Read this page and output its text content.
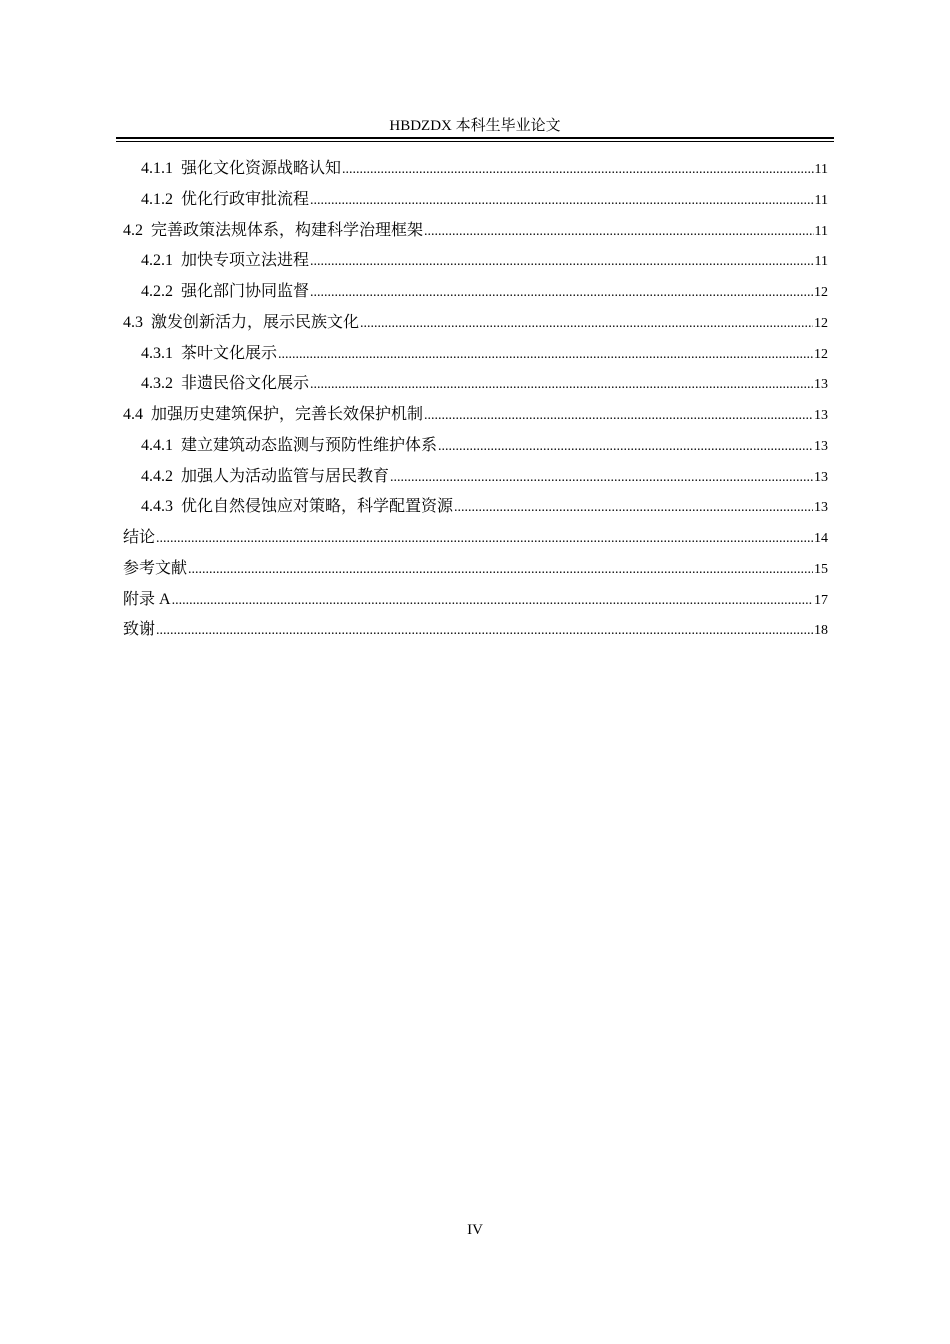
HBDZDX 本科生毕业论文
4.1.1 强化文化资源战略认知 .....	11
4.1.2 优化行政审批流程 .....	11
4.2 完善政策法规体系，构建科学治理框架 .....	11
4.2.1 加快专项立法进程 .....	11
4.2.2 强化部门协同监督 .....	12
4.3 激发创新活力，展示民族文化 .....	12
4.3.1 茶叶文化展示 .....	12
4.3.2 非遗民俗文化展示 .....	13
4.4 加强历史建筑保护，完善长效保护机制 .....	13
4.4.1 建立建筑动态监测与预防性维护体系 .....	13
4.4.2 加强人为活动监管与居民教育 .....	13
4.4.3 优化自然侵蚀应对策略，科学配置资源 .....	13
结论 .....	14
参考文献 .....	15
附录 A .....	17
致谢 .....	18
IV
